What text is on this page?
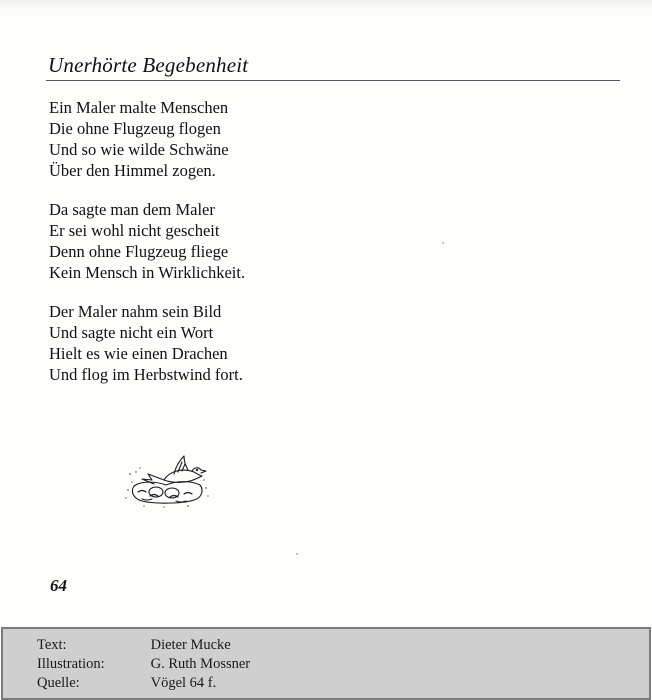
Unerhörte Begebenheit
Ein Maler malte Menschen
Die ohne Flugzeug flogen
Und so wie wilde Schwäne
Über den Himmel zogen.
Da sagte man dem Maler
Er sei wohl nicht gescheit
Denn ohne Flugzeug fliege
Kein Mensch in Wirklichkeit.
Der Maler nahm sein Bild
Und sagte nicht ein Wort
Hielt es wie einen Drachen
Und flog im Herbstwind fort.
64
Text:	Dieter Mucke
Illustration:	G. Ruth Mossner
Quelle:	Vögel 64 f.
